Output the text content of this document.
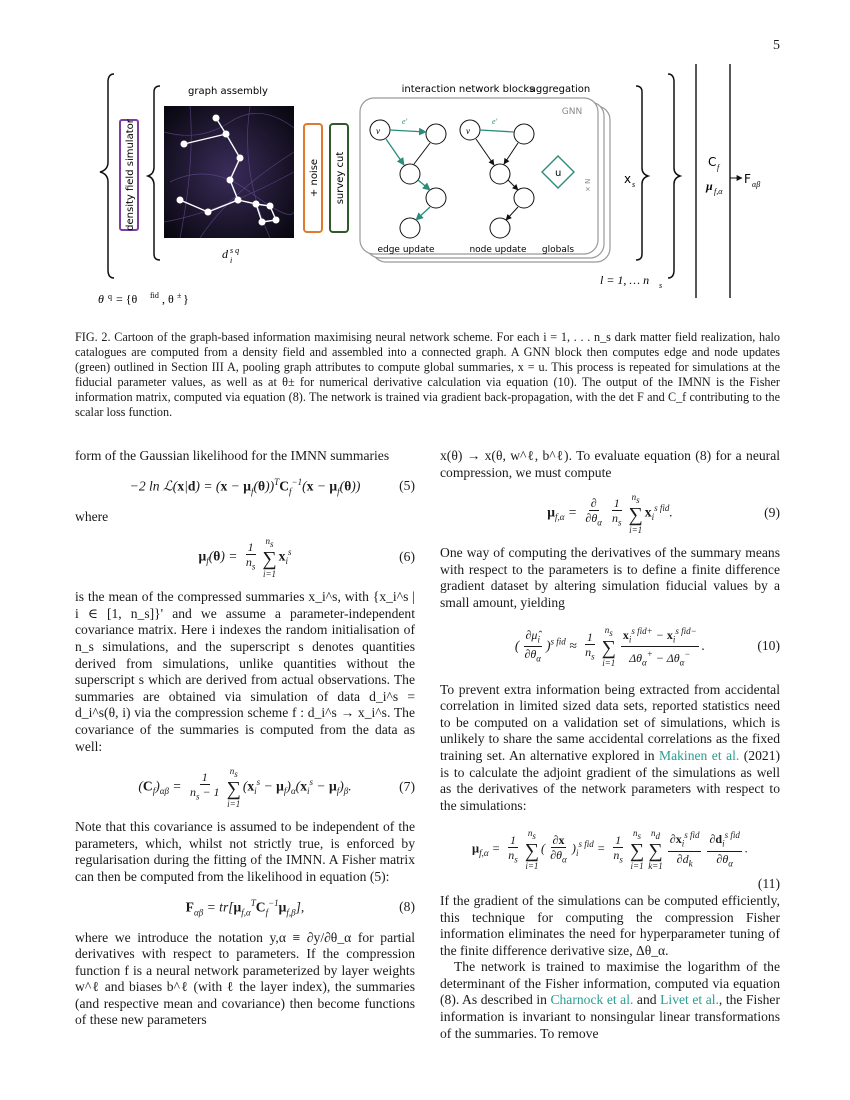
5
θ q = {θ fid , θ ± }
density field simulator
graph assembly
d s q
i
+ noise survey cut
interaction network blocks
aggregation
GNN
v
e'
edge update
v
e'
node update
u
globals
× N	x s
l = 1, … n s
C f
μ f,α
F αβ
FIG. 2. Cartoon of the graph-based information maximising neural network scheme. For each i = 1, . . . n_s dark matter field realization, halo catalogues are computed from a density field and assembled into a connected graph. A GNN block then computes edge and node updates (green) outlined in Section III A, pooling graph attributes to compute global summaries, x = u. This process is repeated for simulations at the fiducial parameter values, as well as at θ± for numerical derivative calculation via equation (10). The output of the IMNN is the Fisher information matrix, computed via equation (8). The network is trained via gradient back-propagation, with the det F and C_f contributing to the scalar loss function.

form of the Gaussian likelihood for the IMNN summaries

−2 ln ℒ(x|d) = $(x - \mu_f(\theta))^TC_f^{-1}(x - \mu_f(\theta))$	(5)

where

$\mu_f(\theta) = \frac{1}{n_s} n_s$
∑
i=1
$x_i^s$	(6)

is the mean of the compressed summaries x_i^s, with {x_i^s | i ∈ [1, n_s]}' and we assume a parameter-independent covariance matrix. Here i indexes the random initialisation of n_s simulations, and the superscript s denotes quantities derived from simulations, unlike quantities without the superscript s which are derived from actual observations. The summaries are obtained via simulation of data d_i^s = d_i^s(θ, i) via the compression scheme f : d_i^s → x_i^s. The covariance of the summaries is computed from the data as well:

$(C_f)_{\alpha\beta} = \frac{1}{n_s - 1} n_s$
∑
i=1
$(x_i^s - \mu_f)_\alpha(x_i^s - \mu_f)_\beta$.	(7)

Note that this covariance is assumed to be independent of the parameters, which, whilst not strictly true, is enforced by regularisation during the fitting of the IMNN. A Fisher matrix can then be computed from the likelihood in equation (5):

$F_{\alpha\beta} = tr[\mu_{f,\alpha}^TC_f^{-1}\mu_{f,\beta}]$,	(8)

where we introduce the notation y,α ≡ ∂y/∂θ_α for partial derivatives with respect to parameters. If the compression function f is a neural network parameterized by layer weights w^ℓ and biases b^ℓ (with ℓ the layer index), the summaries (and respective mean and covariance) then become functions of these new parameters

x(θ) → x(θ, w^ℓ, b^ℓ). To evaluate equation (8) for a neural compression, we must compute

$\mu_{f,\alpha} = \frac{\partial}{\partial\theta_\alpha} \frac{1}{n_s} n_s$
∑
i=1
$x_i^{s fid}$.	(9)

One way of computing the derivatives of the summary means with respect to the parameters is to define a finite difference gradient dataset by altering simulation fiducial values by a small amount, yielding

( $\frac{\partial\mû_i}{\partial\theta_\alpha} )^{s fid} \approx \frac{1}{n_s} n_s$
∑
$i=1 \frac{x_i^{s fid+} - x_i^{s fid-}}{\Delta\theta_\alpha^+ - \Delta\theta_\alpha^-}$ .	(10)

To prevent extra information being extracted from accidental correlation in limited sized data sets, reported statistics need to be computed on a validation set of simulations, which is unlikely to share the same accidental correlations as the fixed training set. An alternative explored in Makinen et al. (2021) is to calculate the adjoint gradient of the simulations as well as the derivatives of the network parameters with respect to the simulations:

$\mu_{f,\alpha} = \frac{1}{n_s} n_s$
∑
i=1
( $\frac{\partial x}{\partial\theta_\alpha} )_i^{s fid} = \frac{1}{n_s} n_s$
∑
i=1
$n_d$
∑
$k=1 \frac{\partial x_i^{s fid}}{\partial d_k} \frac{\partial d_i^{s fid}}{\partial\theta_\alpha}$ .
(11)

If the gradient of the simulations can be computed efficiently, this technique for computing the compression Fisher information eliminates the need for hyperparameter tuning of the finite difference derivative size, Δθ_α.

The network is trained to maximise the logarithm of the determinant of the Fisher information, computed via equation (8). As described in Charnock et al. and Livet et al., the Fisher information is invariant to nonsingular linear transformations of the summaries. To remove
